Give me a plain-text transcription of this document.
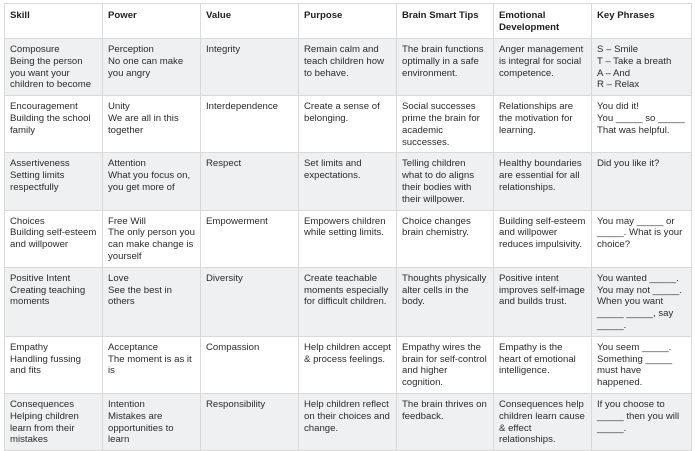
Skill	Power	Value	Purpose	Brain Smart Tips	Emotional Development	Key Phrases

Composure
Being the person you want your children to become	Perception
No one can make you angry	Integrity	Remain calm and teach children how to behave.	The brain functions optimally in a safe environment.	Anger management is integral for social competence.	S – Smile
T – Take a breath
A – And
R – Relax

Encouragement
Building the school family	Unity
We are all in this together	Interdependence	Create a sense of belonging.	Social successes prime the brain for academic successes.	Relationships are the motivation for learning.	You did it!
You _____ so _____
That was helpful.

Assertiveness
Setting limits respectfully	Attention
What you focus on, you get more of	Respect	Set limits and expectations.	Telling children what to do aligns their bodies with their willpower.	Healthy boundaries are essential for all relationships.	Did you like it?

Choices
Building self-esteem and willpower	Free Will
The only person you can make change is yourself	Empowerment	Empowers children while setting limits.	Choice changes brain chemistry.	Building self-esteem and willpower reduces impulsivity.	You may _____ or _____. What is your choice?

Positive Intent
Creating teaching moments	Love
See the best in others	Diversity	Create teachable moments especially for difficult children.	Thoughts physically alter cells in the body.	Positive intent improves self-image and builds trust.	You wanted _____. You may not _____. When you want _____ _____, say _____.

Empathy
Handling fussing and fits	Acceptance
The moment is as it is	Compassion	Help children accept & process feelings.	Empathy wires the brain for self-control and higher cognition.	Empathy is the heart of emotional intelligence.	You seem _____.
Something _____ must have happened.

Consequences
Helping children learn from their mistakes	Intention
Mistakes are opportunities to learn	Responsibility	Help children reflect on their choices and change.	The brain thrives on feedback.	Consequences help children learn cause & effect relationships.	If you choose to _____ then you will _____.
